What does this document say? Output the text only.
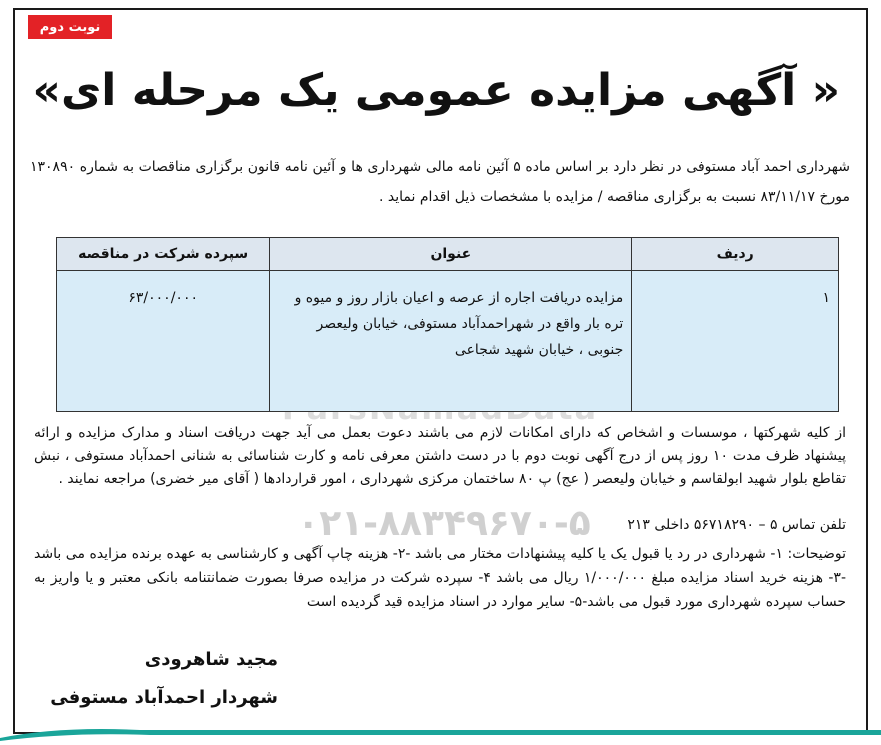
نوبت دوم
« آگهی مزایده عمومی یک مرحله ای»
شهرداری احمد آباد مستوفی در نظر دارد بر اساس ماده ۵ آئین نامه مالی شهرداری ها و آئین نامه قانون برگزاری مناقصات به شماره ۱۳۰۸۹۰ مورخ ۸۳/۱۱/۱۷ نسبت به برگزاری مناقصه / مزایده با مشخصات ذیل اقدام نماید .
ردیف	عنوان	سپرده شرکت در مناقصه
۱	مزایده دریافت اجاره از عرصه و اعیان بازار روز و میوه و تره بار واقع در شهراحمدآباد مستوفی، خیابان ولیعصر جنوبی ، خیابان شهید شجاعی	۶۳/۰۰۰/۰۰۰
از کلیه شهرکتها ، موسسات و اشخاص که دارای امکانات لازم می باشند دعوت بعمل می آید جهت دریافت اسناد و مدارک مزایده و ارائه پیشنهاد ظرف مدت ۱۰ روز پس از درج آگهی نوبت دوم با در دست داشتن معرفی نامه و کارت شناسائی به شنانی احمدآباد مستوفی ، نبش تقاطع بلوار شهید ابولقاسم و خیابان ولیعصر ( عج) پ ۸۰ ساختمان مرکزی شهرداری ، امور قراردادها ( آقای میر خضری) مراجعه نمایند .
۰۲۱-۸۸۳۴۹۶۷۰-۵	تلفن تماس ۵ – ۵۶۷۱۸۲۹۰ داخلی ۲۱۳
توضیحات: ۱- شهرداری در رد یا قبول یک یا کلیه پیشنهادات مختار می باشد -۲- هزینه چاپ آگهی و کارشناسی به عهده برنده مزایده می باشد -۳- هزینه خرید اسناد مزایده مبلغ ۱/۰۰۰/۰۰۰ ریال می باشد ۴- سپرده شرکت در مزایده صرفا بصورت ضمانتنامه بانکی معتبر و یا واریز به حساب سپرده شهرداری مورد قبول می باشد-۵- سایر موارد در اسناد مزایده قید گردیده است
مجید شاهرودی
شهردار احمدآباد مستوفی
